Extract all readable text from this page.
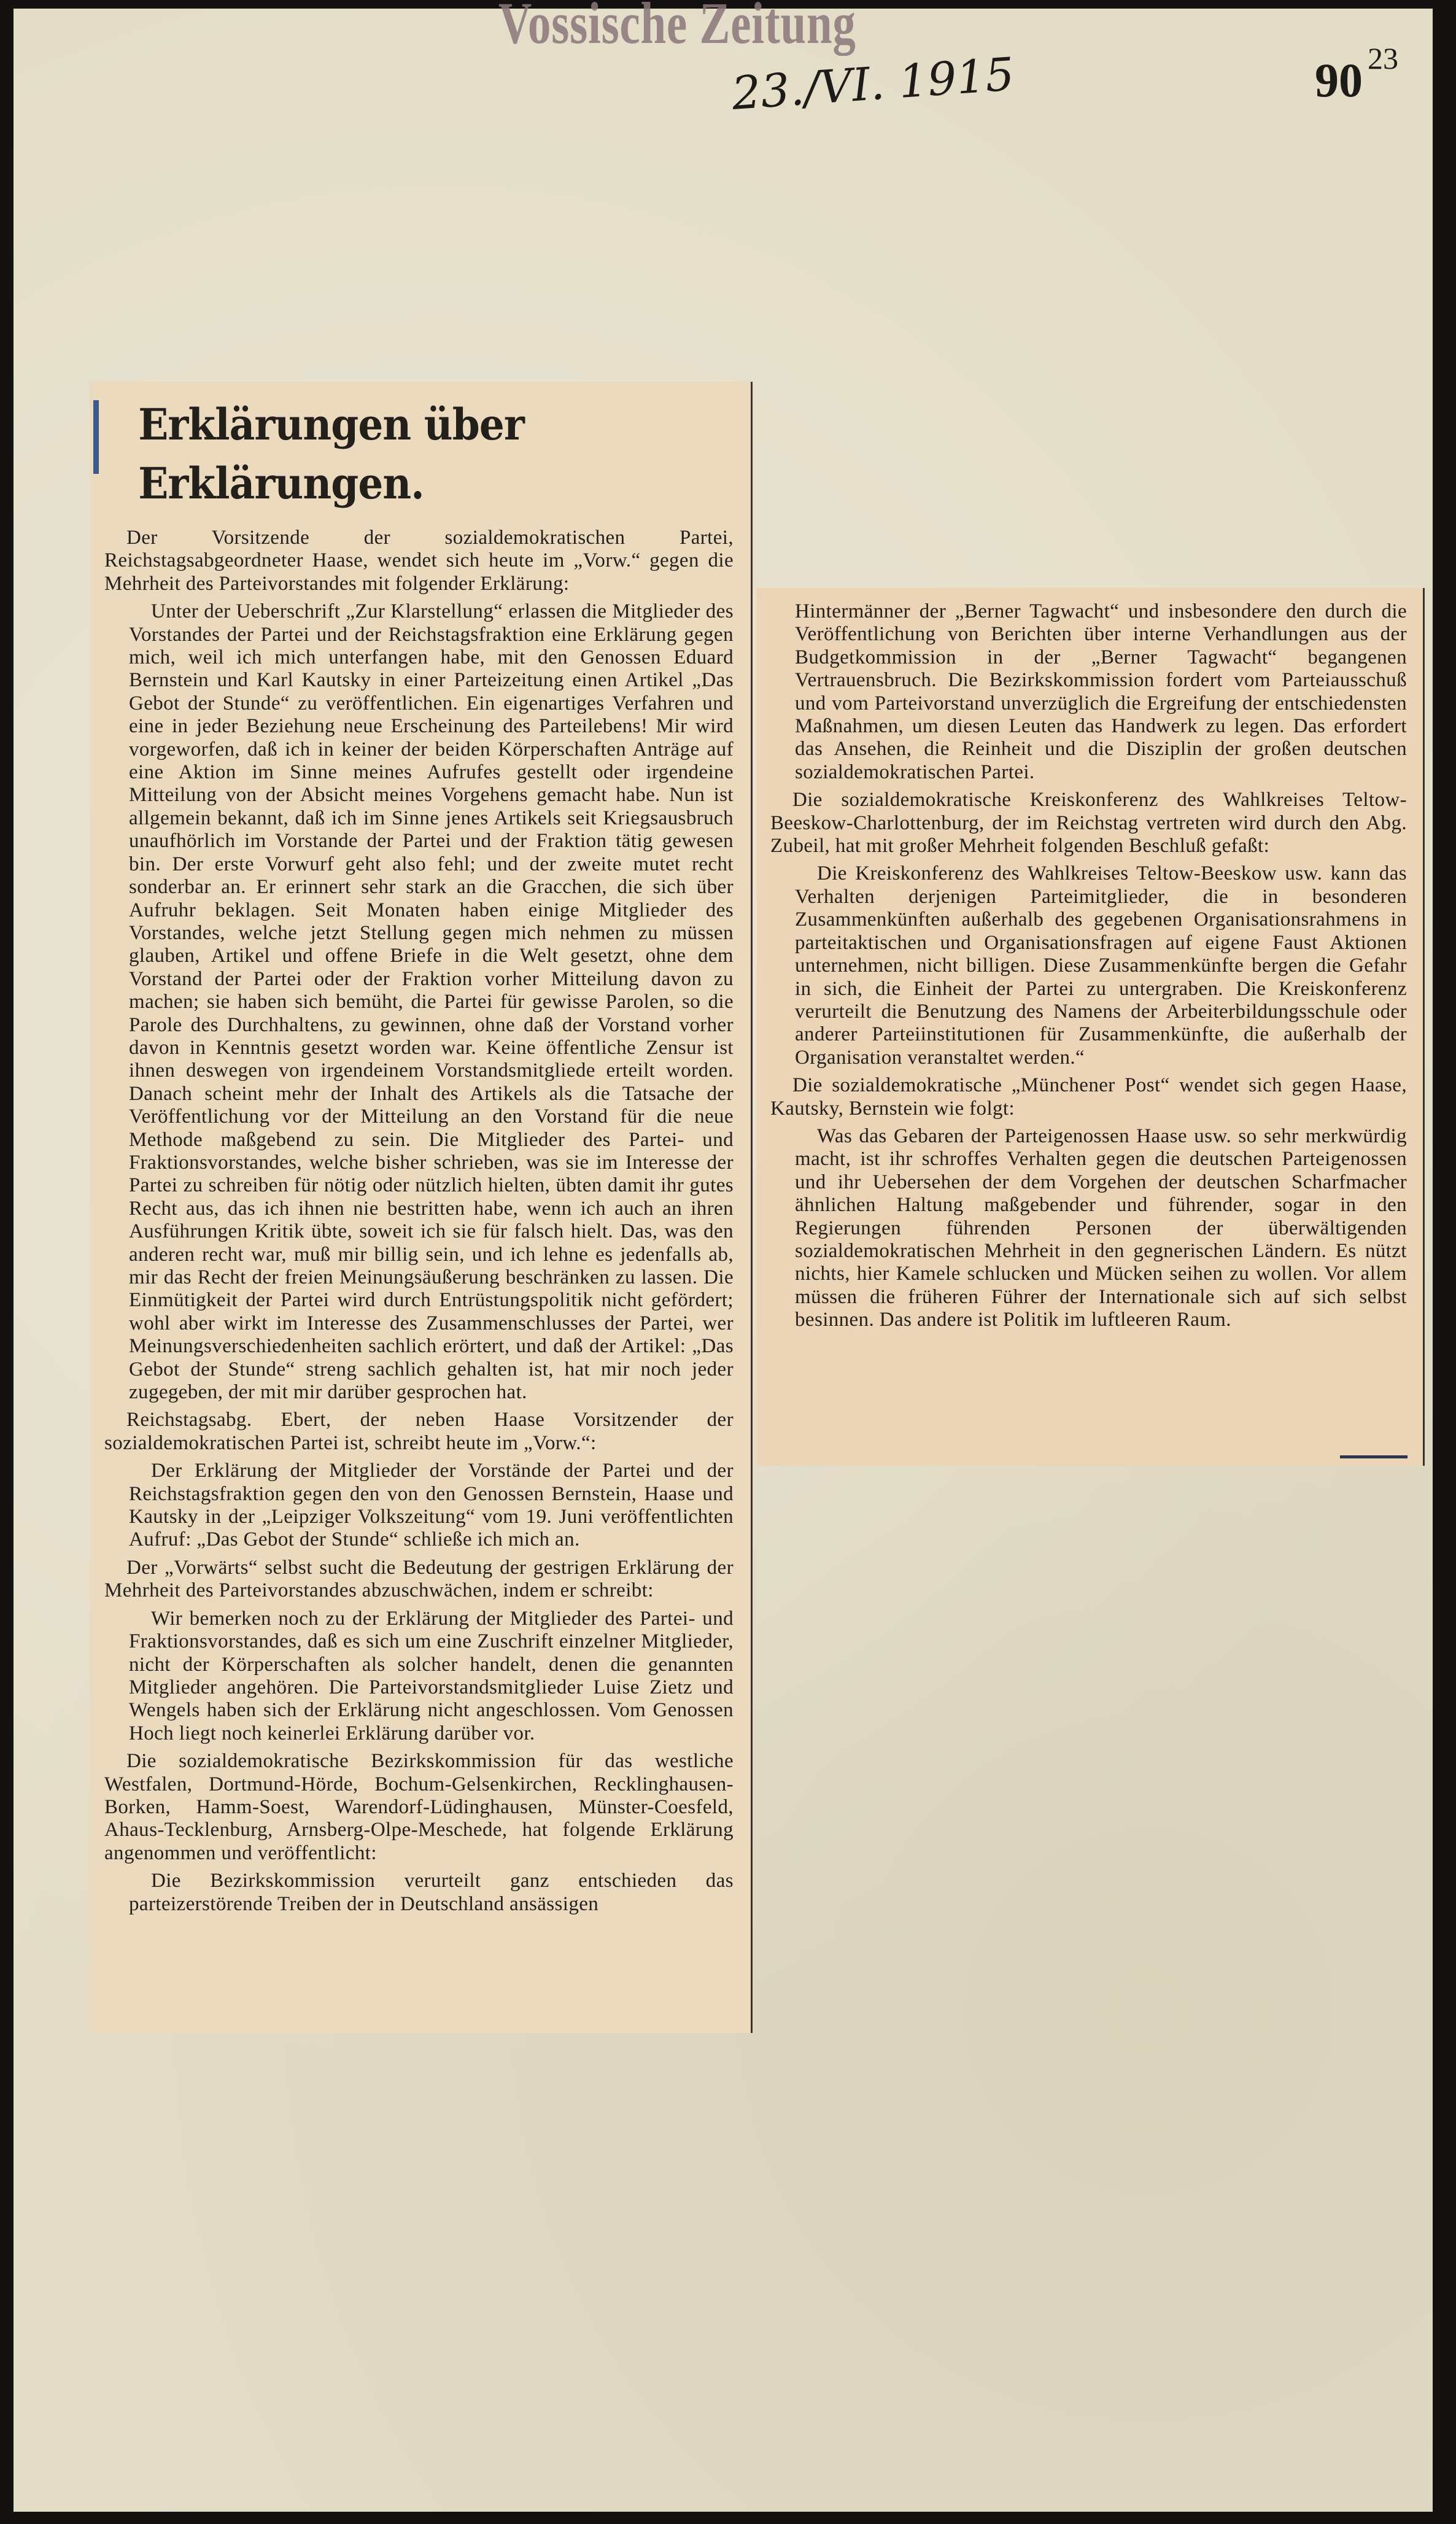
Vossische Zeitung
23./VI. 1915	90 $^{23}$
Erklärungen über Erklärungen.

Der Vorsitzende der sozialdemokratischen Partei, Reichstagsabgeordneter Haase, wendet sich heute im „Vorw.“ gegen die Mehrheit des Parteivorstandes mit folgender Erklärung:

Unter der Ueberschrift „Zur Klarstellung“ erlassen die Mitglieder des Vorstandes der Partei und der Reichstagsfraktion eine Erklärung gegen mich, weil ich mich unterfangen habe, mit den Genossen Eduard Bernstein und Karl Kautsky in einer Parteizeitung einen Artikel „Das Gebot der Stunde“ zu veröffentlichen. Ein eigenartiges Verfahren und eine in jeder Beziehung neue Erscheinung des Parteilebens! Mir wird vorgeworfen, daß ich in keiner der beiden Körperschaften Anträge auf eine Aktion im Sinne meines Aufrufes gestellt oder irgendeine Mitteilung von der Absicht meines Vorgehens gemacht habe. Nun ist allgemein bekannt, daß ich im Sinne jenes Artikels seit Kriegsausbruch unaufhörlich im Vorstande der Partei und der Fraktion tätig gewesen bin. Der erste Vorwurf geht also fehl; und der zweite mutet recht sonderbar an. Er erinnert sehr stark an die Gracchen, die sich über Aufruhr beklagen. Seit Monaten haben einige Mitglieder des Vorstandes, welche jetzt Stellung gegen mich nehmen zu müssen glauben, Artikel und offene Briefe in die Welt gesetzt, ohne dem Vorstand der Partei oder der Fraktion vorher Mitteilung davon zu machen; sie haben sich bemüht, die Partei für gewisse Parolen, so die Parole des Durchhaltens, zu gewinnen, ohne daß der Vorstand vorher davon in Kenntnis gesetzt worden war. Keine öffentliche Zensur ist ihnen deswegen von irgendeinem Vorstandsmitgliede erteilt worden. Danach scheint mehr der Inhalt des Artikels als die Tatsache der Veröffentlichung vor der Mitteilung an den Vorstand für die neue Methode maßgebend zu sein. Die Mitglieder des Partei- und Fraktionsvorstandes, welche bisher schrieben, was sie im Interesse der Partei zu schreiben für nötig oder nützlich hielten, übten damit ihr gutes Recht aus, das ich ihnen nie bestritten habe, wenn ich auch an ihren Ausführungen Kritik übte, soweit ich sie für falsch hielt. Das, was den anderen recht war, muß mir billig sein, und ich lehne es jedenfalls ab, mir das Recht der freien Meinungsäußerung beschränken zu lassen. Die Einmütigkeit der Partei wird durch Entrüstungspolitik nicht gefördert; wohl aber wirkt im Interesse des Zusammenschlusses der Partei, wer Meinungsverschiedenheiten sachlich erörtert, und daß der Artikel: „Das Gebot der Stunde“ streng sachlich gehalten ist, hat mir noch jeder zugegeben, der mit mir darüber gesprochen hat.

Reichstagsabg. Ebert, der neben Haase Vorsitzender der sozialdemokratischen Partei ist, schreibt heute im „Vorw.“:

Der Erklärung der Mitglieder der Vorstände der Partei und der Reichstagsfraktion gegen den von den Genossen Bernstein, Haase und Kautsky in der „Leipziger Volkszeitung“ vom 19. Juni veröffentlichten Aufruf: „Das Gebot der Stunde“ schließe ich mich an.

Der „Vorwärts“ selbst sucht die Bedeutung der gestrigen Erklärung der Mehrheit des Parteivorstandes abzuschwächen, indem er schreibt:

Wir bemerken noch zu der Erklärung der Mitglieder des Partei- und Fraktionsvorstandes, daß es sich um eine Zuschrift einzelner Mitglieder, nicht der Körperschaften als solcher handelt, denen die genannten Mitglieder angehören. Die Parteivorstandsmitglieder Luise Zietz und Wengels haben sich der Erklärung nicht angeschlossen. Vom Genossen Hoch liegt noch keinerlei Erklärung darüber vor.

Die sozialdemokratische Bezirkskommission für das westliche Westfalen, Dortmund-Hörde, Bochum-Gelsenkirchen, Recklinghausen-Borken, Hamm-Soest, Warendorf-Lüdinghausen, Münster-Coesfeld, Ahaus-Tecklenburg, Arnsberg-Olpe-Meschede, hat folgende Erklärung angenommen und veröffentlicht:

Die Bezirkskommission verurteilt ganz entschieden das parteizerstörende Treiben der in Deutschland ansässigen

Hintermänner der „Berner Tagwacht“ und insbesondere den durch die Veröffentlichung von Berichten über interne Verhandlungen aus der Budgetkommission in der „Berner Tagwacht“ begangenen Vertrauensbruch. Die Bezirkskommission fordert vom Parteiausschuß und vom Parteivorstand unverzüglich die Ergreifung der entschiedensten Maßnahmen, um diesen Leuten das Handwerk zu legen. Das erfordert das Ansehen, die Reinheit und die Disziplin der großen deutschen sozialdemokratischen Partei.

Die sozialdemokratische Kreiskonferenz des Wahlkreises Teltow-Beeskow-Charlottenburg, der im Reichstag vertreten wird durch den Abg. Zubeil, hat mit großer Mehrheit folgenden Beschluß gefaßt:

Die Kreiskonferenz des Wahlkreises Teltow-Beeskow usw. kann das Verhalten derjenigen Parteimitglieder, die in besonderen Zusammenkünften außerhalb des gegebenen Organisationsrahmens in parteitaktischen und Organisationsfragen auf eigene Faust Aktionen unternehmen, nicht billigen. Diese Zusammenkünfte bergen die Gefahr in sich, die Einheit der Partei zu untergraben. Die Kreiskonferenz verurteilt die Benutzung des Namens der Arbeiterbildungsschule oder anderer Parteiinstitutionen für Zusammenkünfte, die außerhalb der Organisation veranstaltet werden.“

Die sozialdemokratische „Münchener Post“ wendet sich gegen Haase, Kautsky, Bernstein wie folgt:

Was das Gebaren der Parteigenossen Haase usw. so sehr merkwürdig macht, ist ihr schroffes Verhalten gegen die deutschen Parteigenossen und ihr Uebersehen der dem Vorgehen der deutschen Scharfmacher ähnlichen Haltung maßgebender und führender, sogar in den Regierungen führenden Personen der überwältigenden sozialdemokratischen Mehrheit in den gegnerischen Ländern. Es nützt nichts, hier Kamele schlucken und Mücken seihen zu wollen. Vor allem müssen die früheren Führer der Internationale sich auf sich selbst besinnen. Das andere ist Politik im luftleeren Raum.
